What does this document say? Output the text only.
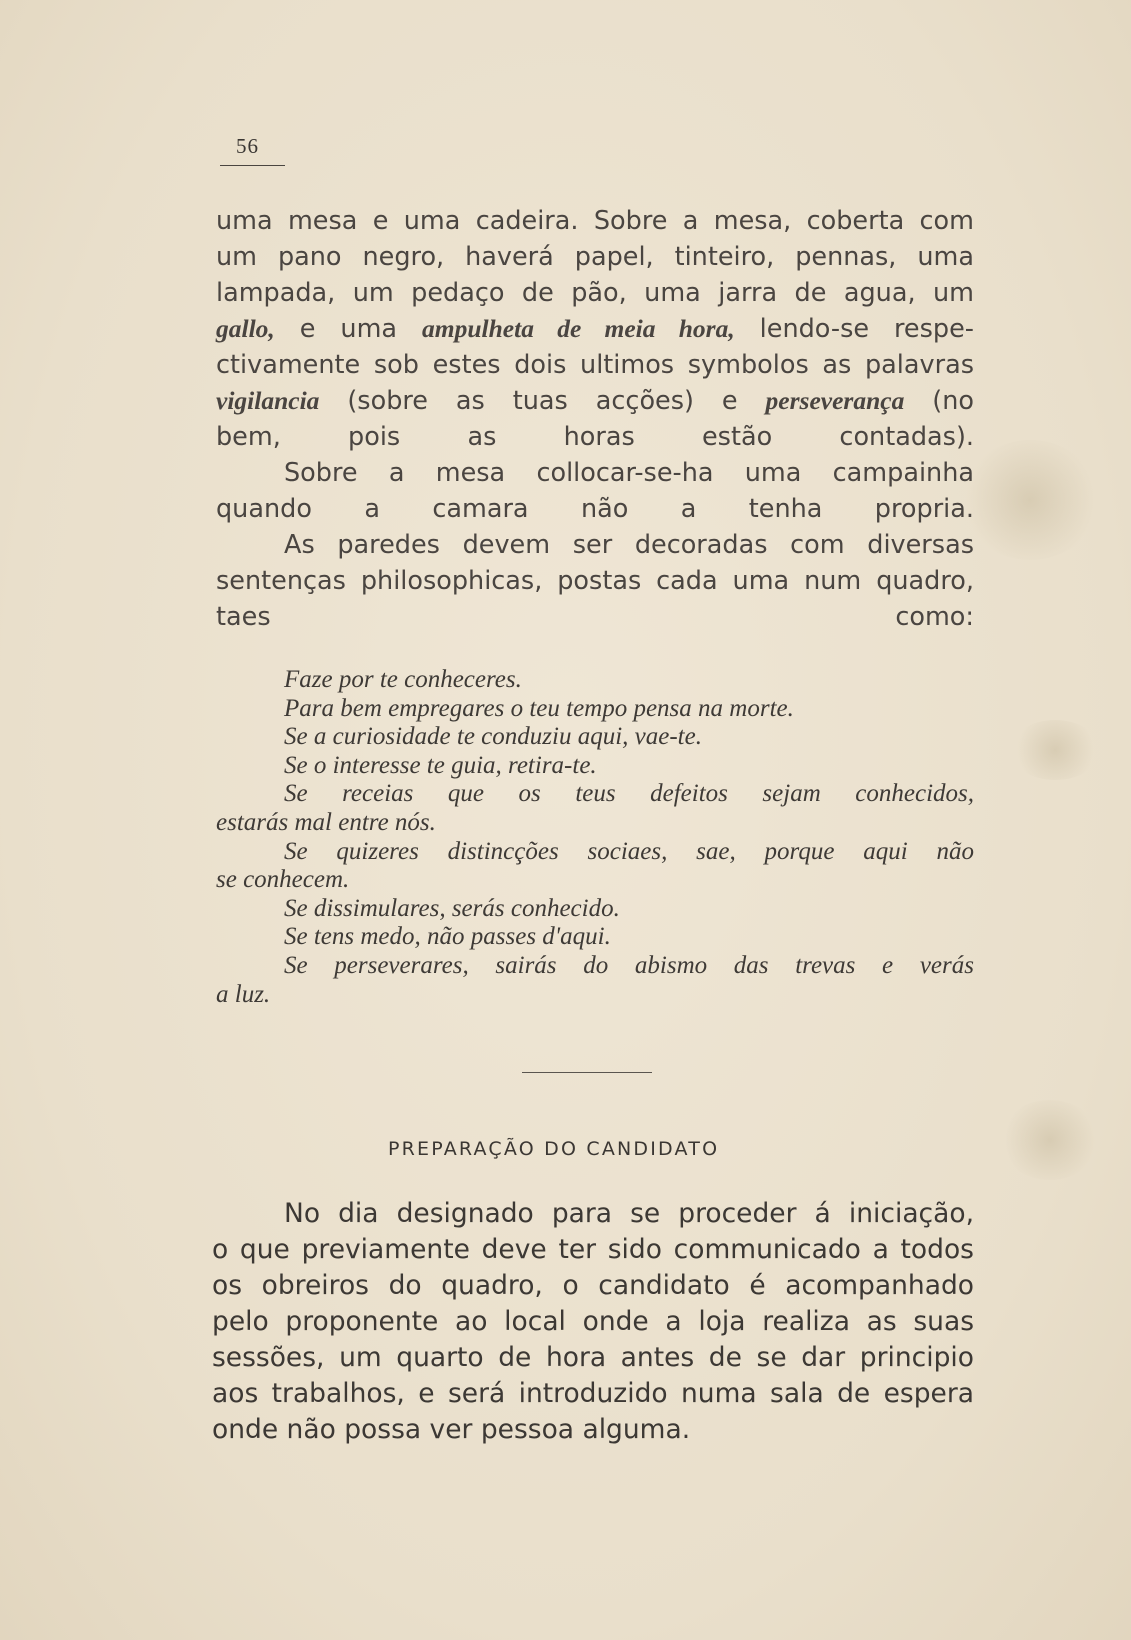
56
uma mesa e uma cadeira. Sobre a mesa, coberta com
um pano negro, haverá papel, tinteiro, pennas, uma
lampada, um pedaço de pão, uma jarra de agua, um
gallo, e uma ampulheta de meia hora, lendo-se respe-
ctivamente sob estes dois ultimos symbolos as palavras
vigilancia (sobre as tuas acções) e perseverança (no
bem, pois as horas estão contadas).
Sobre a mesa collocar-se-ha uma campainha
quando a camara não a tenha propria.
As paredes devem ser decoradas com diversas
sentenças philosophicas, postas cada uma num quadro,
taes como:
Faze por te conheceres.
Para bem empregares o teu tempo pensa na morte.
Se a curiosidade te conduziu aqui, vae-te.
Se o interesse te guia, retira-te.
Se receias que os teus defeitos sejam conhecidos,
estarás mal entre nós.
Se quizeres distincções sociaes, sae, porque aqui não
se conhecem.
Se dissimulares, serás conhecido.
Se tens medo, não passes d'aqui.
Se perseverares, sairás do abismo das trevas e verás
a luz.
PREPARAÇÃO DO CANDIDATO
No dia designado para se proceder á iniciação,
o que previamente deve ter sido communicado a todos
os obreiros do quadro, o candidato é acompanhado
pelo proponente ao local onde a loja realiza as suas
sessões, um quarto de hora antes de se dar principio
aos trabalhos, e será introduzido numa sala de espera
onde não possa ver pessoa alguma.
